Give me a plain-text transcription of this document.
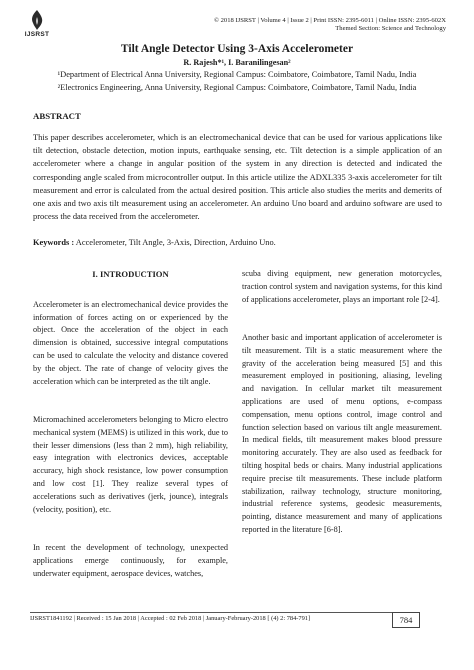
IJSRST
© 2018 IJSRST | Volume 4 | Issue 2 | Print ISSN: 2395-6011 | Online ISSN: 2395-602X
Themed Section: Science and Technology
Tilt Angle Detector Using 3-Axis Accelerometer
R. Rajesh*¹, I. Baranilingesan²
¹Department of Electrical Anna University, Regional Campus: Coimbatore, Coimbatore, Tamil Nadu, India
²Electronics Engineering, Anna University, Regional Campus: Coimbatore, Coimbatore, Tamil Nadu, India
ABSTRACT
This paper describes accelerometer, which is an electromechanical device that can be used for various applications like tilt detection, obstacle detection, motion inputs, earthquake sensing, etc. Tilt detection is a simple application of an accelerometer where a change in angular position of the system in any direction is detected and indicated the corresponding angle scaled from microcontroller output. In this article utilize the ADXL335 3-axis accelerometer for tilt measurement and error is calculated from the actual desired position. This article also studies the merits and demerits of one axis and two axis tilt measurement using an accelerometer. An arduino Uno board and arduino software are used to process the data received from the accelerometer.
Keywords : Accelerometer, Tilt Angle, 3-Axis, Direction, Arduino Uno.
I. INTRODUCTION

Accelerometer is an electromechanical device provides the information of forces acting on or experienced by the object. Once the acceleration of the object in each dimension is obtained, successive integral computations can be used to calculate the velocity and distance covered by the object. The rate of change of velocity gives the acceleration which can be interpreted as the tilt angle.

Micromachined accelerometers belonging to Micro electro mechanical system (MEMS) is utilized in this work, due to their lesser dimensions (less than 2 mm), high reliability, easy integration with electronics devices, acceptable accuracy, high shock resistance, low power consumption and low cost [1]. They realize several types of accelerations such as derivatives (jerk, jounce), integrals (velocity, position), etc.

In recent the development of technology, unexpected applications emerge continuously, for example, underwater equipment, aerospace devices, watches,

scuba diving equipment, new generation motorcycles, traction control system and navigation systems, for this kind of applications accelerometer, plays an important role [2-4].

Another basic and important application of accelerometer is tilt measurement. Tilt is a static measurement where the gravity of the acceleration being measured [5] and this measurement employed in positioning, aliasing, leveling and navigation. In cellular market tilt measurement applications are used of menu options, e-compass compensation, menu options control, image control and function selection based on various tilt angle measurement. In medical fields, tilt measurement makes blood pressure monitoring accurately. They are also used as feedback for tilting hospital beds or chairs. Many industrial applications require precise tilt measurements. These include platform stabilization, railway technology, structure monitoring, industrial reference systems, geodesic measurements, pointing, distance measurement and many of applications reported in the literature [6-8].

IJSRST1841192 | Received : 15 Jan 2018 | Accepted : 02 Feb 2018 | January-February-2018 [ (4) 2: 784-791]	784
